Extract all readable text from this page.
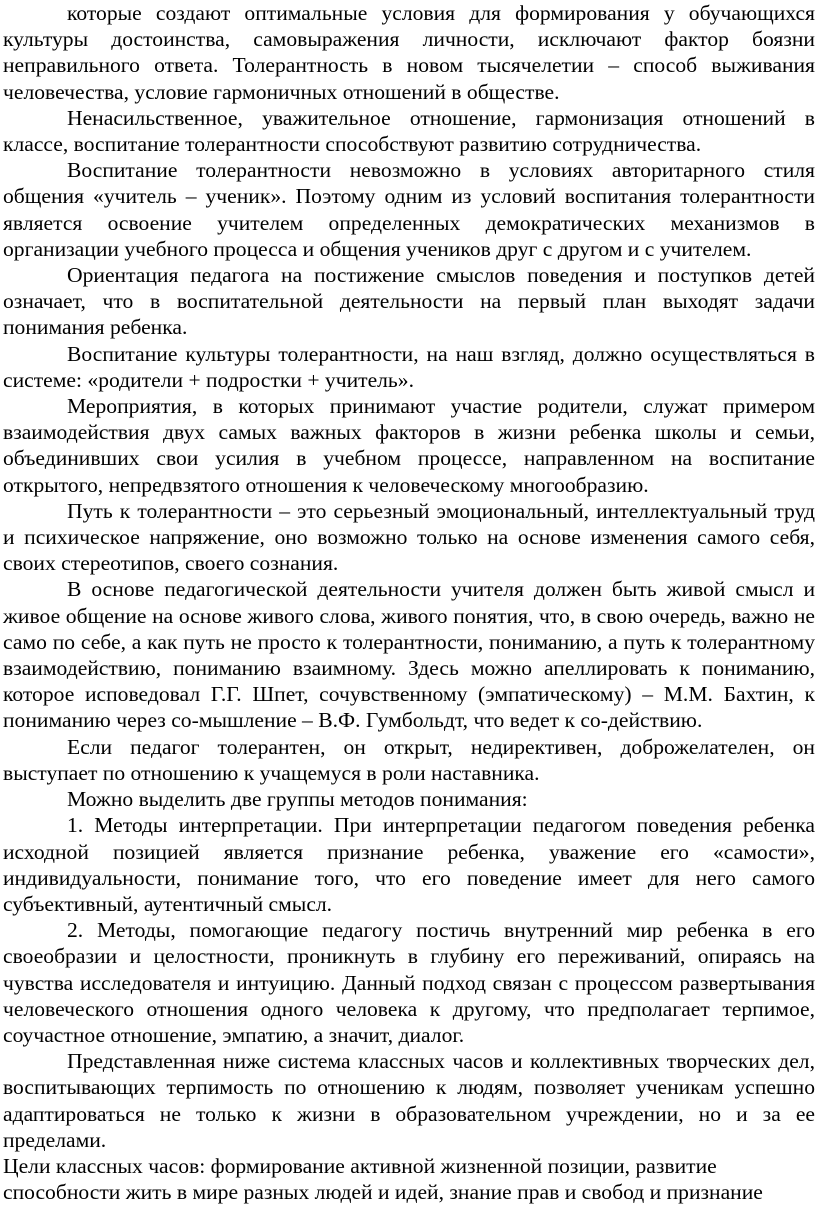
которые создают оптимальные условия для формирования у обучающихся культуры достоинства, самовыражения личности, исключают фактор боязни неправильного ответа. Толерантность в новом тысячелетии – способ выживания человечества, условие гармоничных отношений в обществе.

Ненасильственное, уважительное отношение, гармонизация отношений в классе, воспитание толерантности способствуют развитию сотрудничества.

Воспитание толерантности невозможно в условиях авторитарного стиля общения «учитель – ученик». Поэтому одним из условий воспитания толерантности является освоение учителем определенных демократических механизмов в организации учебного процесса и общения учеников друг с другом и с учителем.

Ориентация педагога на постижение смыслов поведения и поступков детей означает, что в воспитательной деятельности на первый план выходят задачи понимания ребенка.

Воспитание культуры толерантности, на наш взгляд, должно осуществляться в системе: «родители + подростки + учитель».

Мероприятия, в которых принимают участие родители, служат примером взаимодействия двух самых важных факторов в жизни ребенка школы и семьи, объединивших свои усилия в учебном процессе, направленном на воспитание открытого, непредвзятого отношения к человеческому многообразию.

Путь к толерантности – это серьезный эмоциональный, интеллектуальный труд и психическое напряжение, оно возможно только на основе изменения самого себя, своих стереотипов, своего сознания.

В основе педагогической деятельности учителя должен быть живой смысл и живое общение на основе живого слова, живого понятия, что, в свою очередь, важно не само по себе, а как путь не просто к толерантности, пониманию, а путь к толерантному взаимодействию, пониманию взаимному. Здесь можно апеллировать к пониманию, которое исповедовал Г.Г. Шпет, сочувственному (эмпатическому) – М.М. Бахтин, к пониманию через со-мышление – В.Ф. Гумбольдт, что ведет к со-действию.

Если педагог толерантен, он открыт, недирективен, доброжелателен, он выступает по отношению к учащемуся в роли наставника.

Можно выделить две группы методов понимания:

1. Методы интерпретации. При интерпретации педагогом поведения ребенка исходной позицией является признание ребенка, уважение его «самости», индивидуальности, понимание того, что его поведение имеет для него самого субъективный, аутентичный смысл.

2. Методы, помогающие педагогу постичь внутренний мир ребенка в его своеобразии и целостности, проникнуть в глубину его переживаний, опираясь на чувства исследователя и интуицию. Данный подход связан с процессом развертывания человеческого отношения одного человека к другому, что предполагает терпимое, соучастное отношение, эмпатию, а значит, диалог.

Представленная ниже система классных часов и коллективных творческих дел, воспитывающих терпимость по отношению к людям, позволяет ученикам успешно адаптироваться не только к жизни в образовательном учреждении, но и за ее пределами.

Цели классных часов: формирование активной жизненной позиции, развитие способности жить в мире разных людей и идей, знание прав и свобод и признание
